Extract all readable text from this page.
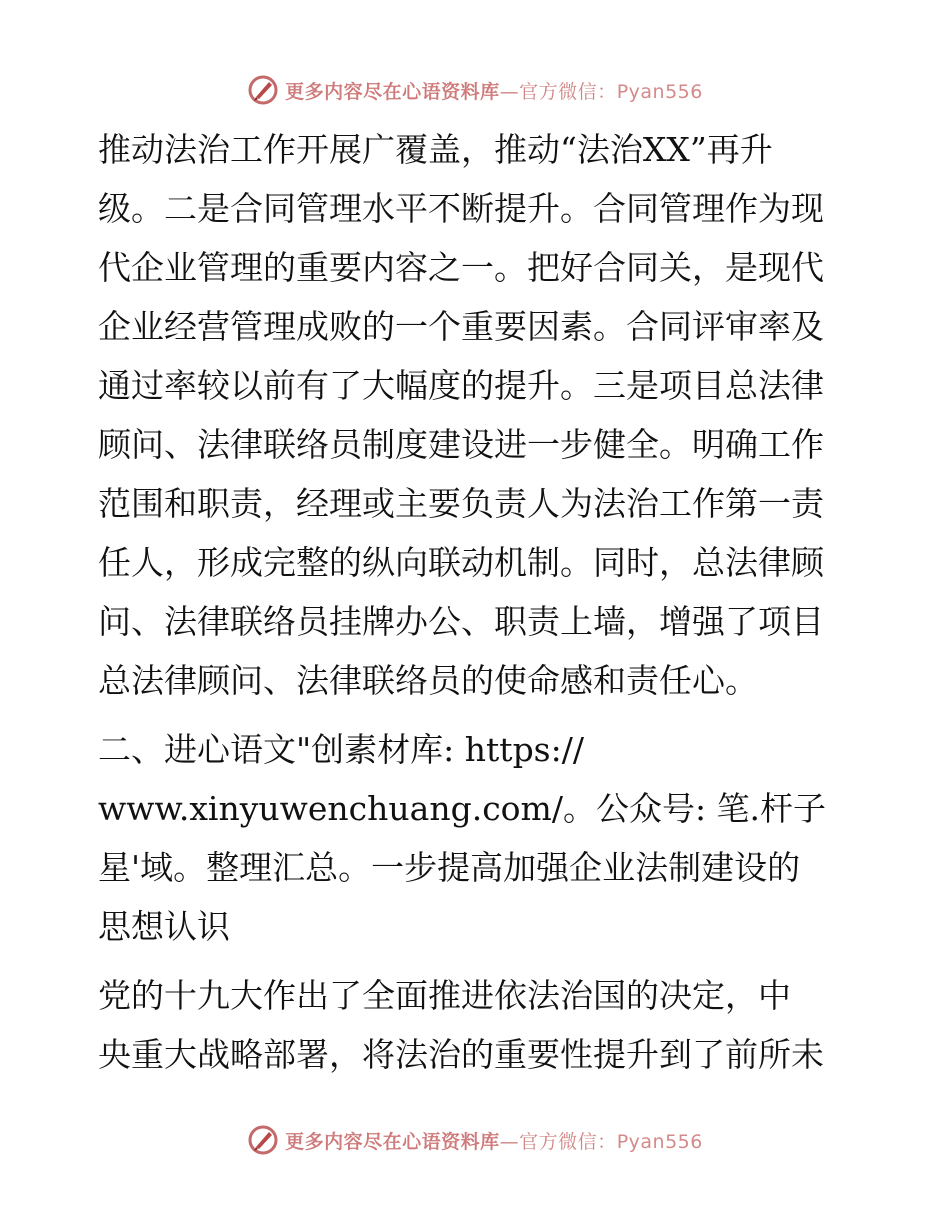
更多内容尽在心语资料库—官方微信：Pyan556
推动法治工作开展广覆盖，推动“法治XX”再升
级。二是合同管理水平不断提升。合同管理作为现
代企业管理的重要内容之一。把好合同关，是现代
企业经营管理成败的一个重要因素。合同评审率及
通过率较以前有了大幅度的提升。三是项目总法律
顾问、法律联络员制度建设进一步健全。明确工作
范围和职责，经理或主要负责人为法治工作第一责
任人，形成完整的纵向联动机制。同时，总法律顾
问、法律联络员挂牌办公、职责上墙，增强了项目
总法律顾问、法律联络员的使命感和责任心。
二、进心语文"创素材库: https://
www.xinyuwenchuang.com/。公众号: 笔.杆子
星'域。整理汇总。一步提高加强企业法制建设的
思想认识
党的十九大作出了全面推进依法治国的决定，中
央重大战略部署，将法治的重要性提升到了前所未
更多内容尽在心语资料库—官方微信：Pyan556
